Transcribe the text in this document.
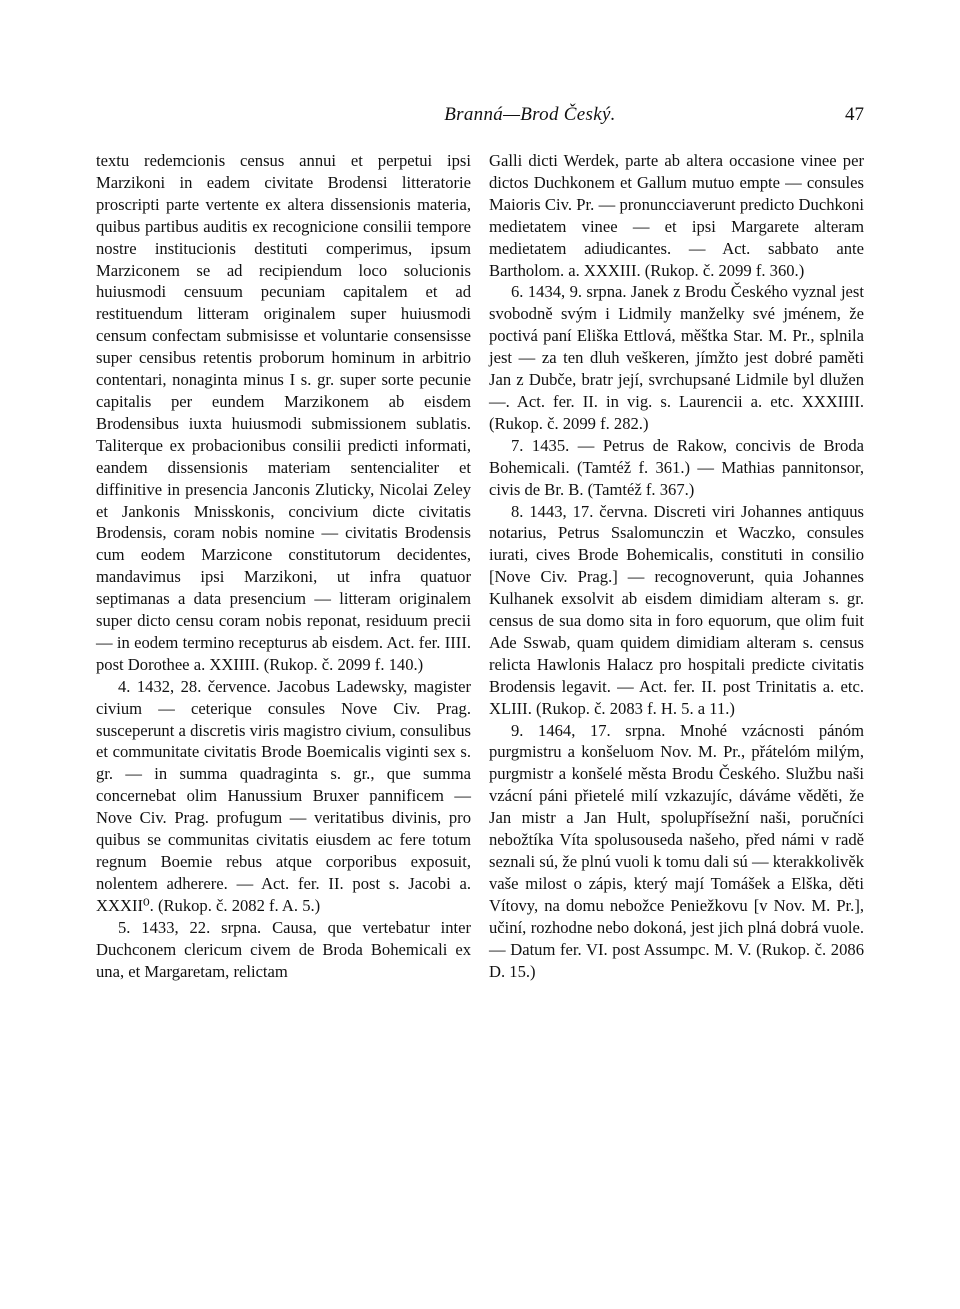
Branná—Brod Český.	47

textu redemcionis census annui et perpetui ipsi Marzikoni in eadem civitate Brodensi litteratorie proscripti parte vertente ex altera dissensionis materia, quibus partibus auditis ex recognicione consilii tempore nostre institucionis destituti comperimus, ipsum Marziconem se ad recipiendum loco solucionis huiusmodi censuum pecuniam capitalem et ad restituendum litteram originalem super huiusmodi censum confectam submisisse et voluntarie consensisse super censibus retentis proborum hominum in arbitrio contentari, nonaginta minus I s. gr. super sorte pecunie capitalis per eundem Marzikonem ab eisdem Brodensibus iuxta huiusmodi submissionem sublatis. Taliterque ex probacionibus consilii predicti informati, eandem dissensionis materiam sentencialiter et diffinitive in presencia Janconis Zluticky, Nicolai Zeley et Jankonis Mnisskonis, concivium dicte civitatis Brodensis, coram nobis nomine — civitatis Brodensis cum eodem Marzicone constitutorum decidentes, mandavimus ipsi Marzikoni, ut infra quatuor septimanas a data presencium — litteram originalem super dicto censu coram nobis reponat, residuum precii — in eodem termino recepturus ab eisdem. Act. fer. IIII. post Dorothee a. XXIIII. (Rukop. č. 2099 f. 140.)

4. 1432, 28. července. Jacobus Ladewsky, magister civium — ceterique consules Nove Civ. Prag. susceperunt a discretis viris magistro civium, consulibus et communitate civitatis Brode Boemicalis viginti sex s. gr. — in summa quadraginta s. gr., que summa concernebat olim Hanussium Bruxer pannificem — Nove Civ. Prag. profugum — veritatibus divinis, pro quibus se communitas civitatis eiusdem ac fere totum regnum Boemie rebus atque corporibus exposuit, nolentem adherere. — Act. fer. II. post s. Jacobi a. XXXII⁰. (Rukop. č. 2082 f. A. 5.)

5. 1433, 22. srpna. Causa, que vertebatur inter Duchconem clericum civem de Broda Bohemicali ex una, et Margaretam, relictam

Galli dicti Werdek, parte ab altera occasione vinee per dictos Duchkonem et Gallum mutuo empte — consules Maioris Civ. Pr. — pronuncciaverunt predicto Duchkoni medietatem vinee — et ipsi Margarete alteram medietatem adiudicantes. — Act. sabbato ante Bartholom. a. XXXIII. (Rukop. č. 2099 f. 360.)

6. 1434, 9. srpna. Janek z Brodu Českého vyznal jest svobodně svým i Lidmily manželky své jménem, že poctivá paní Eliška Ettlová, měštka Star. M. Pr., splnila jest — za ten dluh veškeren, jímžto jest dobré paměti Jan z Dubče, bratr její, svrchupsané Lidmile byl dlužen —. Act. fer. II. in vig. s. Laurencii a. etc. XXXIIII. (Rukop. č. 2099 f. 282.)

7. 1435. — Petrus de Rakow, concivis de Broda Bohemicali. (Tamtéž f. 361.) — Mathias pannitonsor, civis de Br. B. (Tamtéž f. 367.)

8. 1443, 17. června. Discreti viri Johannes antiquus notarius, Petrus Ssalomunczin et Waczko, consules iurati, cives Brode Bohemicalis, constituti in consilio [Nove Civ. Prag.] — recognoverunt, quia Johannes Kulhanek exsolvit ab eisdem dimidiam alteram s. gr. census de sua domo sita in foro equorum, que olim fuit Ade Sswab, quam quidem dimidiam alteram s. census relicta Hawlonis Halacz pro hospitali predicte civitatis Brodensis legavit. — Act. fer. II. post Trinitatis a. etc. XLIII. (Rukop. č. 2083 f. H. 5. a 11.)

9. 1464, 17. srpna. Mnohé vzácnosti pánóm purgmistru a konšeluom Nov. M. Pr., přátelóm milým, purgmistr a konšelé města Brodu Českého. Službu naši vzácní páni přietelé milí vzkazujíc, dáváme věděti, že Jan mistr a Jan Hult, spolupřísežní naši, poručníci nebožtíka Víta spolusouseda našeho, před námi v radě seznali sú, že plnú vuoli k tomu dali sú — kterakkolivěk vaše milost o zápis, který mají Tomášek a Elška, děti Vítovy, na domu nebožce Peniežkovu [v Nov. M. Pr.], učiní, rozhodne nebo dokoná, jest jich plná dobrá vuole. — Datum fer. VI. post Assumpc. M. V. (Rukop. č. 2086 D. 15.)
